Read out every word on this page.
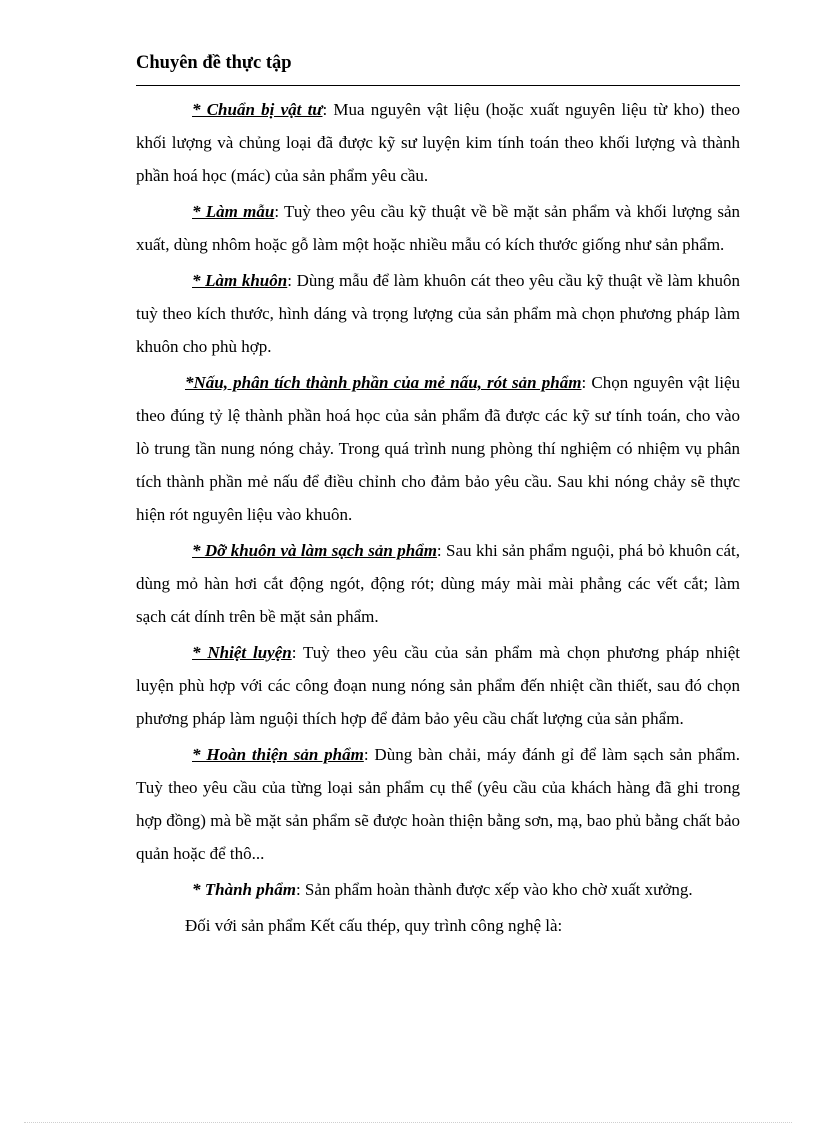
Chuyên đề thực tập

* Chuẩn bị vật tư: Mua nguyên vật liệu (hoặc xuất nguyên liệu từ kho) theo khối lượng và chủng loại đã được kỹ sư luyện kim tính toán theo khối lượng và thành phần hoá học (mác) của sản phẩm yêu cầu.

* Làm mẫu: Tuỳ theo yêu cầu kỹ thuật về bề mặt sản phẩm và khối lượng sản xuất, dùng nhôm hoặc gỗ làm một hoặc nhiều mẫu có kích thước giống như sản phẩm.

* Làm khuôn: Dùng mẫu để làm khuôn cát theo yêu cầu kỹ thuật về làm khuôn tuỳ theo kích thước, hình dáng và trọng lượng của sản phẩm mà chọn phương pháp làm khuôn cho phù hợp.

*Nấu, phân tích thành phần của mẻ nấu, rót sản phẩm: Chọn nguyên vật liệu theo đúng tỷ lệ thành phần hoá học của sản phẩm đã được các kỹ sư tính toán, cho vào lò trung tần nung nóng chảy. Trong quá trình nung phòng thí nghiệm có nhiệm vụ phân tích thành phần mẻ nấu để điều chỉnh cho đảm bảo yêu cầu. Sau khi nóng chảy sẽ thực hiện rót nguyên liệu vào khuôn.

* Dỡ khuôn và làm sạch sản phẩm: Sau khi sản phẩm nguội, phá bỏ khuôn cát, dùng mỏ hàn hơi cắt động ngót, động rót; dùng máy mài mài phẳng các vết cắt; làm sạch cát dính trên bề mặt sản phẩm.

* Nhiệt luyện: Tuỳ theo yêu cầu của sản phẩm mà chọn phương pháp nhiệt luyện phù hợp với các công đoạn nung nóng sản phẩm đến nhiệt cần thiết, sau đó chọn phương pháp làm nguội thích hợp để đảm bảo yêu cầu chất lượng của sản phẩm.

* Hoàn thiện sản phẩm: Dùng bàn chải, máy đánh gỉ để làm sạch sản phẩm. Tuỳ theo yêu cầu của từng loại sản phẩm cụ thể (yêu cầu của khách hàng đã ghi trong hợp đồng) mà bề mặt sản phẩm sẽ được hoàn thiện bằng sơn, mạ, bao phủ bằng chất bảo quản hoặc để thô...

* Thành phẩm: Sản phẩm hoàn thành được xếp vào kho chờ xuất xưởng.

Đối với sản phẩm Kết cấu thép, quy trình công nghệ là:
